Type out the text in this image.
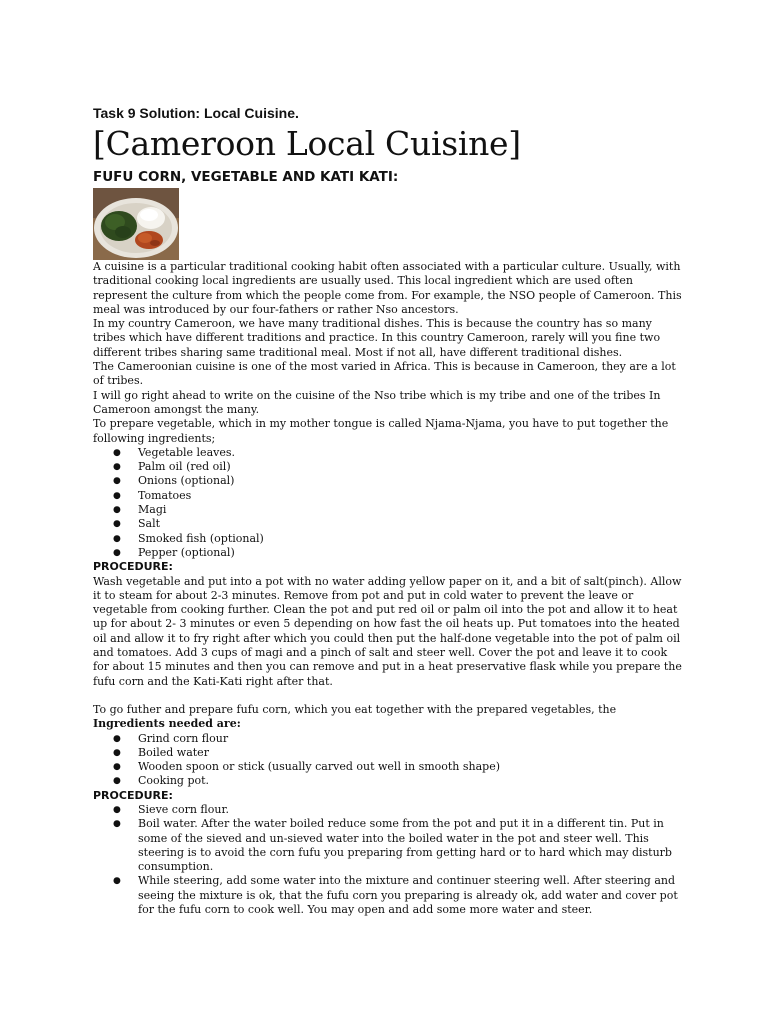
Task 9 Solution: Local Cuisine.
[Cameroon Local Cuisine]
FUFU CORN, VEGETABLE AND KATI KATI:

A cuisine is a particular traditional cooking habit often associated with a particular culture. Usually, with traditional cooking local ingredients are usually used. This local ingredient which are used often represent the culture from which the people come from. For example, the NSO people of Cameroon. This meal was introduced by our four-fathers or rather Nso ancestors.

In my country Cameroon, we have many traditional dishes. This is because the country has so many tribes which have different traditions and practice. In this country Cameroon, rarely will you fine two different tribes sharing same traditional meal. Most if not all, have different traditional dishes.

The Cameroonian cuisine is one of the most varied in Africa. This is because in Cameroon, they are a lot of tribes.

I will go right ahead to write on the cuisine of the Nso tribe which is my tribe and one of the tribes In Cameroon amongst the many.

To prepare vegetable, which in my mother tongue is called Njama-Njama, you have to put together the following ingredients;

● Vegetable leaves.
● Palm oil (red oil)
● Onions (optional)
● Tomatoes
● Magi
● Salt
● Smoked fish (optional)
● Pepper (optional)
PROCEDURE:

Wash vegetable and put into a pot with no water adding yellow paper on it, and a bit of salt(pinch). Allow it to steam for about 2-3 minutes. Remove from pot and put in cold water to prevent the leave or vegetable from cooking further. Clean the pot and put red oil or palm oil into the pot and allow it to heat up for about 2- 3 minutes or even 5 depending on how fast the oil heats up. Put tomatoes into the heated oil and allow it to fry right after which you could then put the half-done vegetable into the pot of palm oil and tomatoes. Add 3 cups of magi and a pinch of salt and steer well. Cover the pot and leave it to cook for about 15 minutes and then you can remove and put in a heat preservative flask while you prepare the fufu corn and the Kati-Kati right after that.

To go futher and prepare fufu corn, which you eat together with the prepared vegetables, the

Ingredients needed are:
● Grind corn flour
● Boiled water
● Wooden spoon or stick (usually carved out well in smooth shape)
● Cooking pot.
PROCEDURE:
● Sieve corn flour.
● Boil water. After the water boiled reduce some from the pot and put it in a different tin. Put in some of the sieved and un-sieved water into the boiled water in the pot and steer well. This steering is to avoid the corn fufu you preparing from getting hard or to hard which may disturb consumption.
● While steering, add some water into the mixture and continuer steering well. After steering and seeing the mixture is ok, that the fufu corn you preparing is already ok, add water and cover pot for the fufu corn to cook well. You may open and add some more water and steer.
